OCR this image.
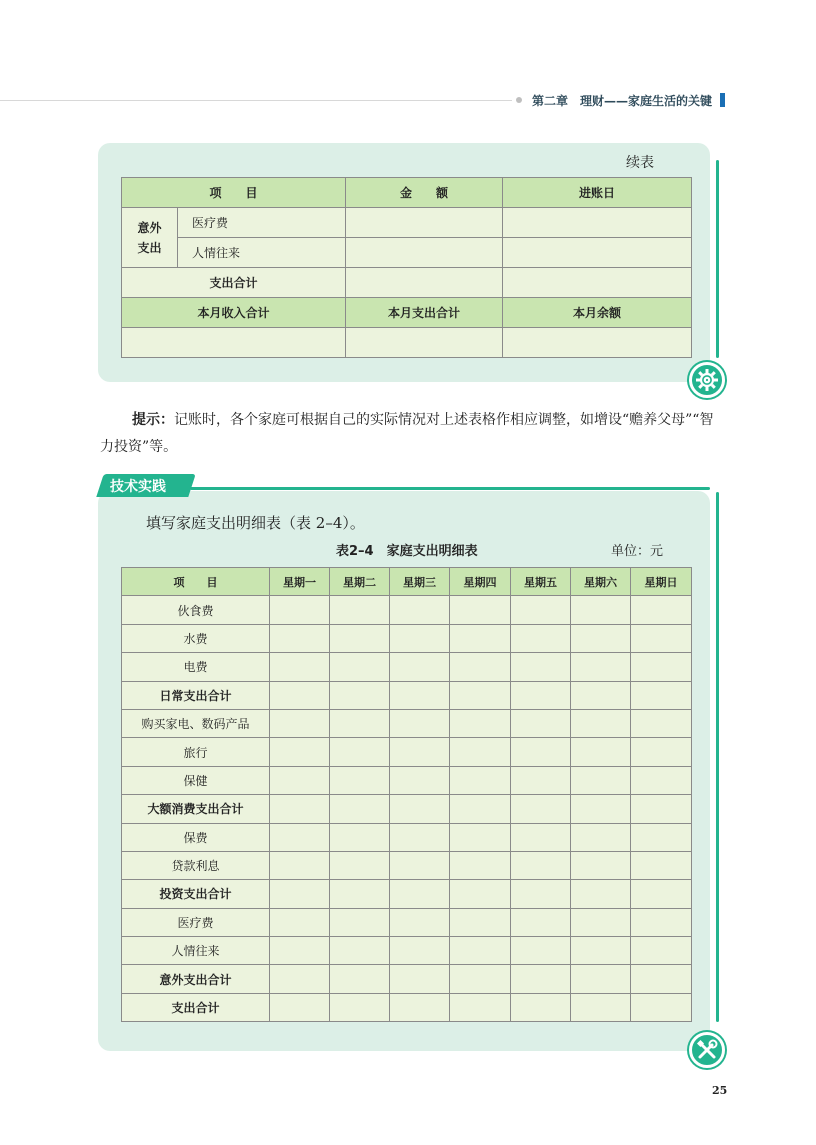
第二章　理财——家庭生活的关键
续表
项　　目		金　　额	进账日
意外支出	医疗费		
	人情往来		
支出合计			
本月收入合计		本月支出合计	本月余额

提示：记账时，各个家庭可根据自己的实际情况对上述表格作相应调整，如增设“赡养父母”“智力投资”等。

技术实践
填写家庭支出明细表（表 2–4）。
表2–4　家庭支出明细表	单位：元
项　　目	星期一	星期二	星期三	星期四	星期五	星期六	星期日
伙食费							
水费							
电费							
日常支出合计							
购买家电、数码产品							
旅行							
保健							
大额消费支出合计							
保费							
贷款利息							
投资支出合计							
医疗费							
人情往来							
意外支出合计							
支出合计							
25
